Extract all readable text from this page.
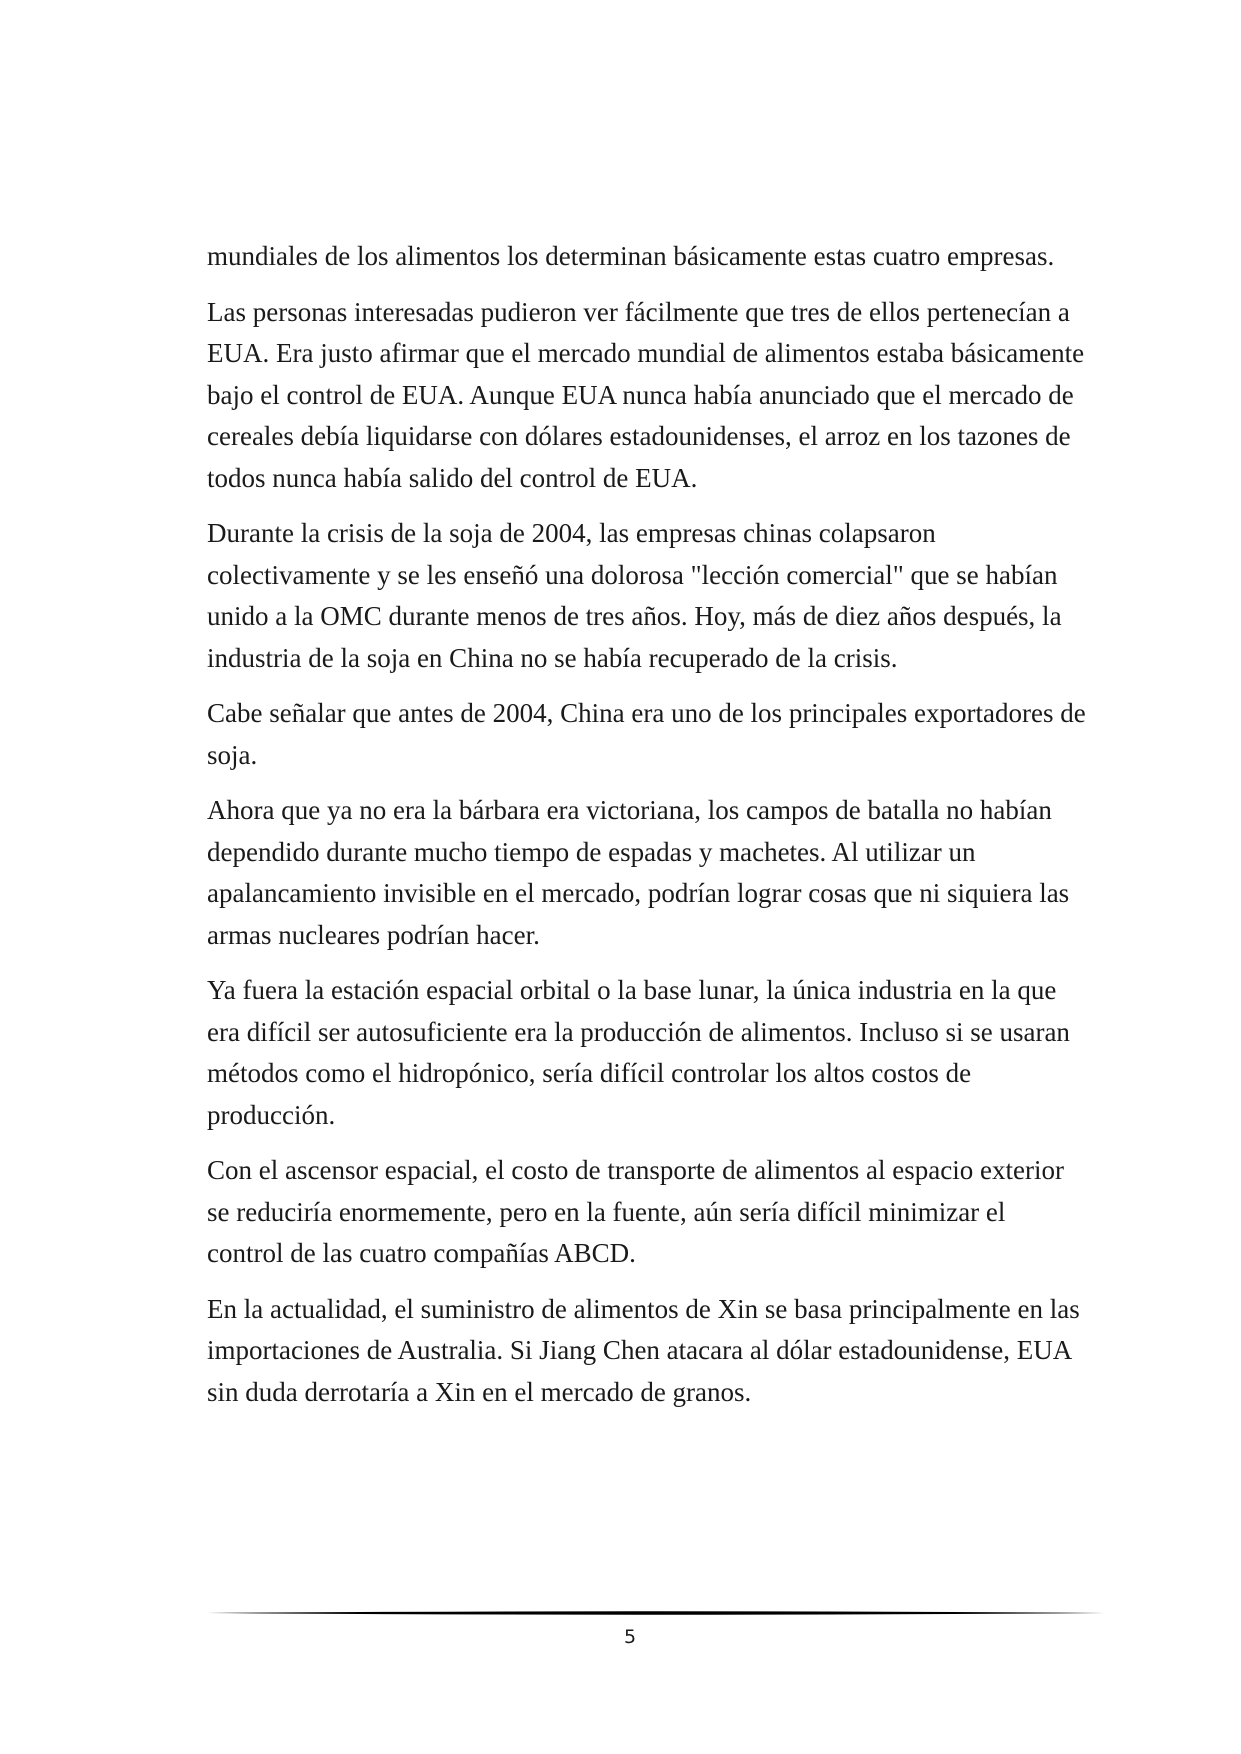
mundiales de los alimentos los determinan básicamente estas cuatro empresas.

Las personas interesadas pudieron ver fácilmente que tres de ellos pertenecían a EUA. Era justo afirmar que el mercado mundial de alimentos estaba básicamente bajo el control de EUA. Aunque EUA nunca había anunciado que el mercado de cereales debía liquidarse con dólares estadounidenses, el arroz en los tazones de todos nunca había salido del control de EUA.

Durante la crisis de la soja de 2004, las empresas chinas colapsaron colectivamente y se les enseñó una dolorosa "lección comercial" que se habían unido a la OMC durante menos de tres años. Hoy, más de diez años después, la industria de la soja en China no se había recuperado de la crisis.

Cabe señalar que antes de 2004, China era uno de los principales exportadores de soja.

Ahora que ya no era la bárbara era victoriana, los campos de batalla no habían dependido durante mucho tiempo de espadas y machetes. Al utilizar un apalancamiento invisible en el mercado, podrían lograr cosas que ni siquiera las armas nucleares podrían hacer.

Ya fuera la estación espacial orbital o la base lunar, la única industria en la que era difícil ser autosuficiente era la producción de alimentos. Incluso si se usaran métodos como el hidropónico, sería difícil controlar los altos costos de producción.

Con el ascensor espacial, el costo de transporte de alimentos al espacio exterior se reduciría enormemente, pero en la fuente, aún sería difícil minimizar el control de las cuatro compañías ABCD.

En la actualidad, el suministro de alimentos de Xin se basa principalmente en las importaciones de Australia. Si Jiang Chen atacara al dólar estadounidense, EUA sin duda derrotaría a Xin en el mercado de granos.

5
